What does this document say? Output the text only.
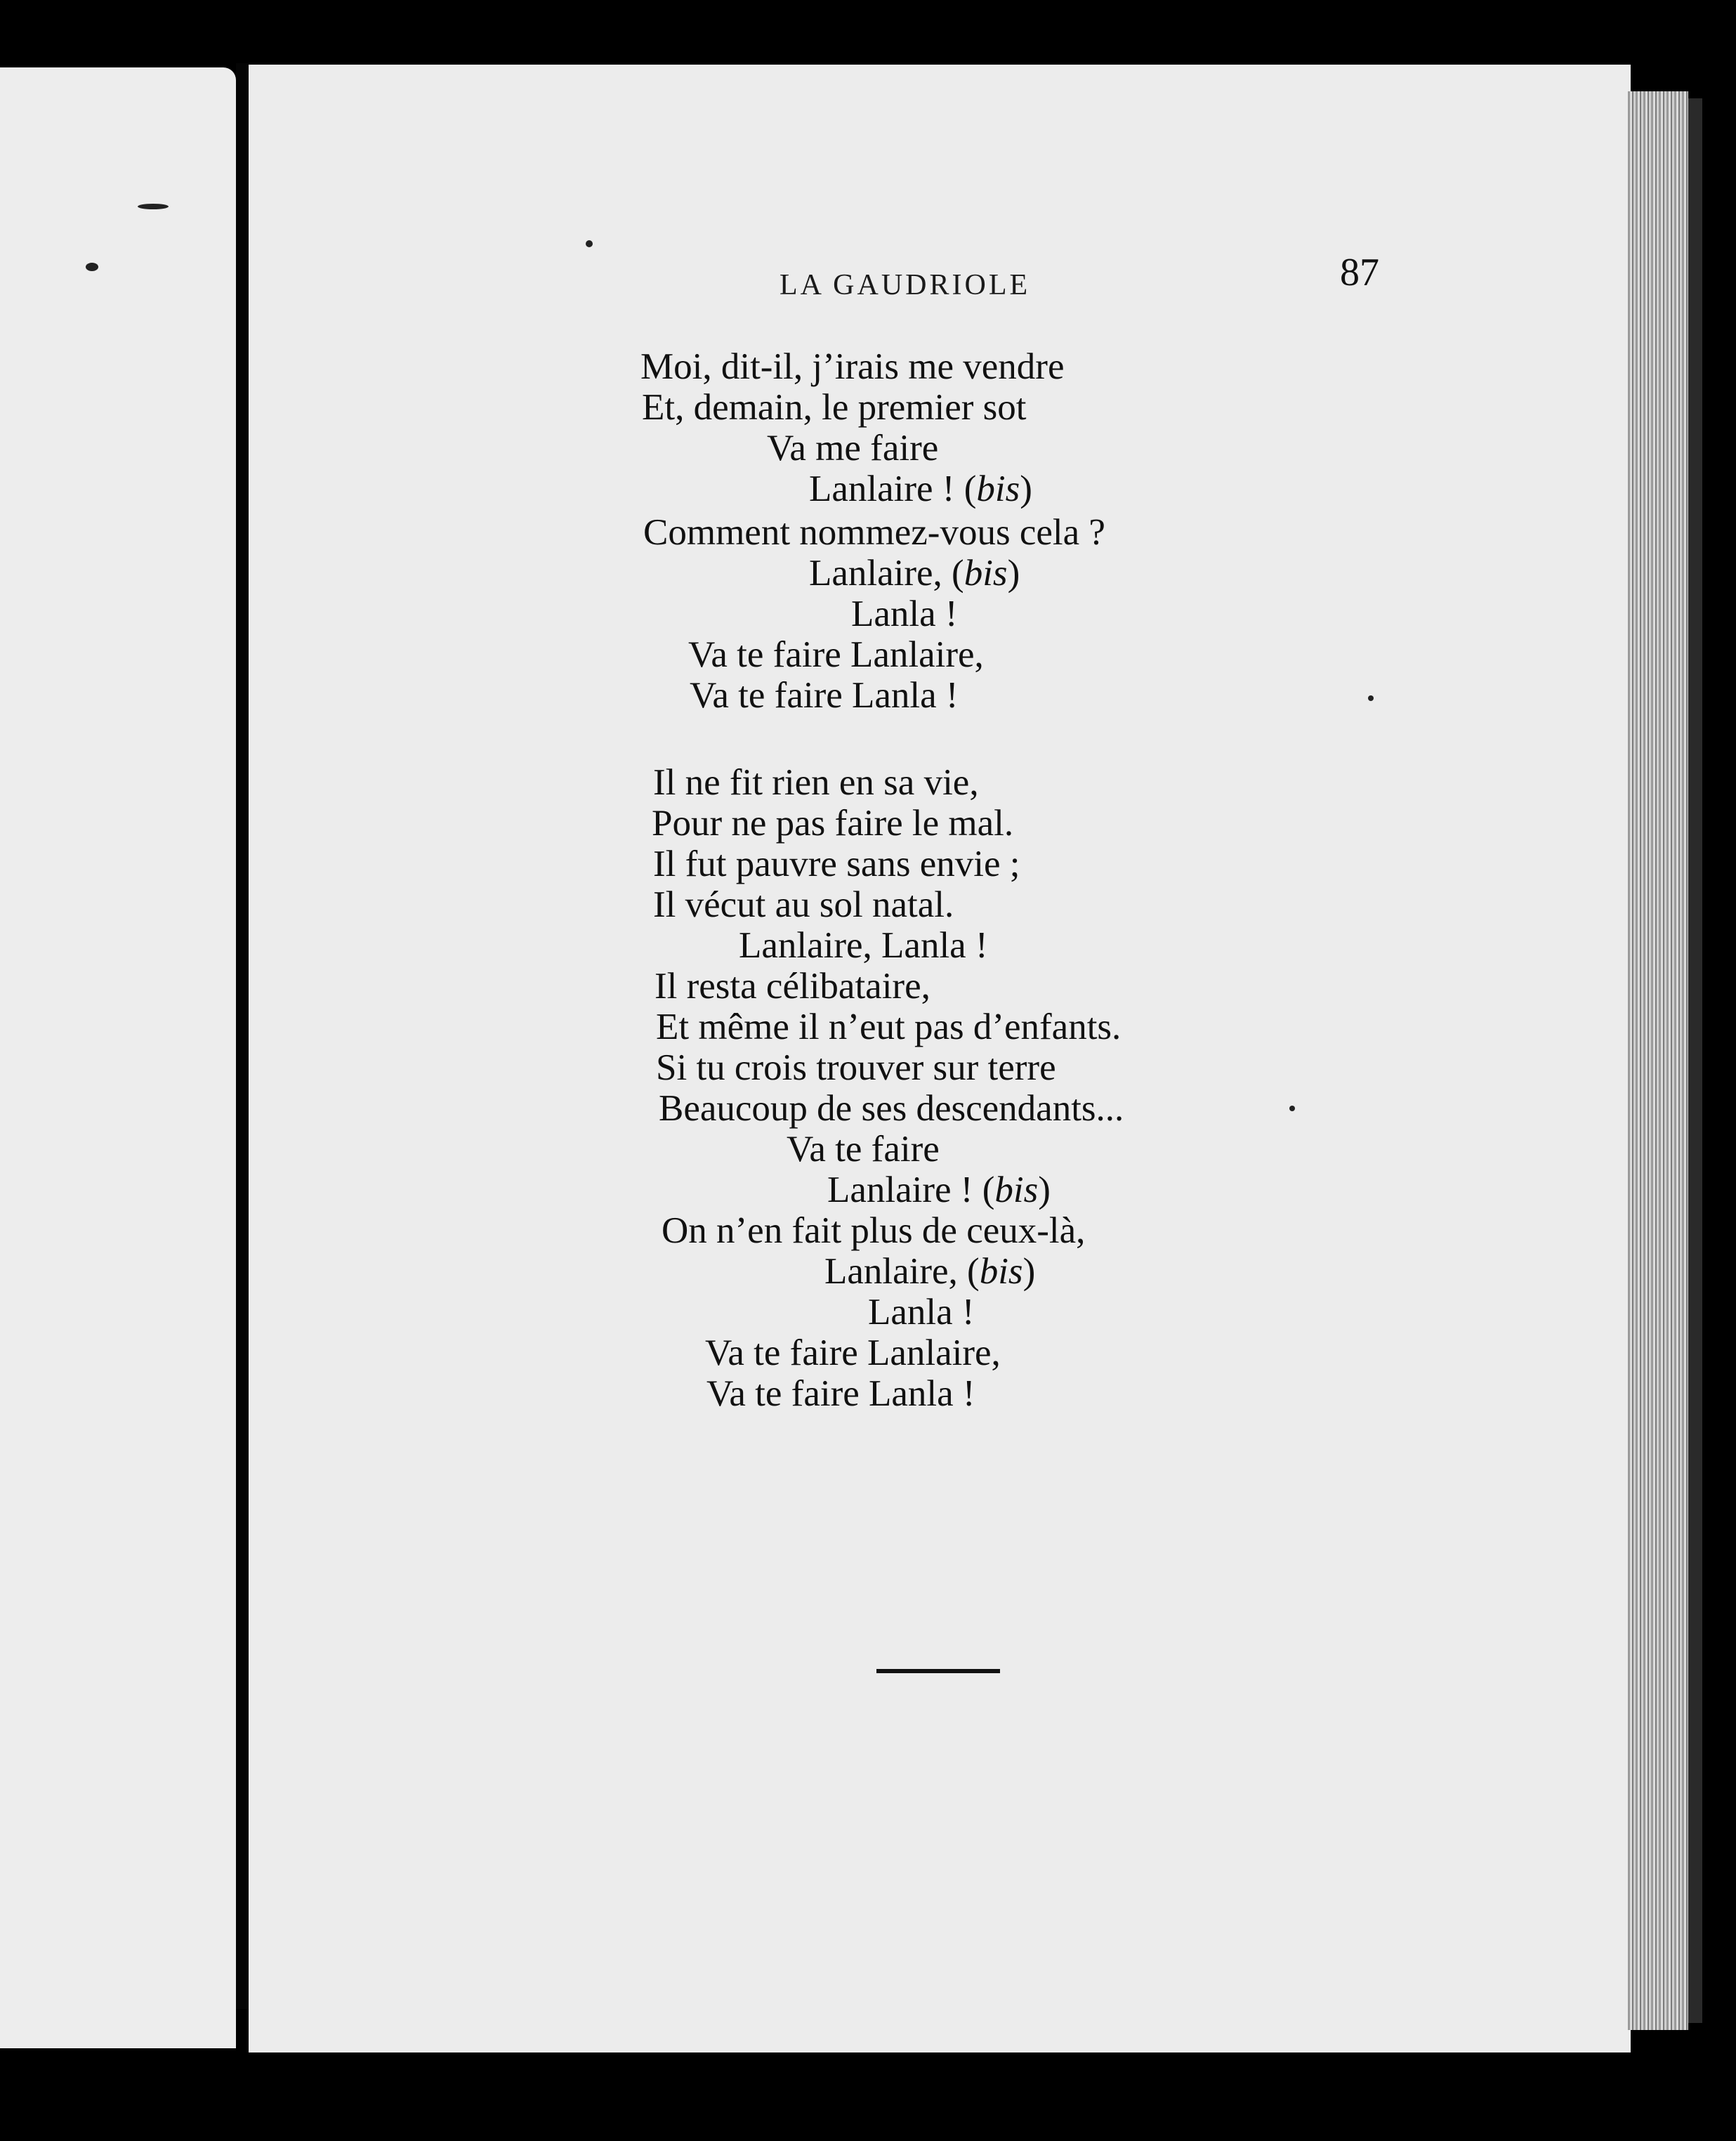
LA GAUDRIOLE	87
Moi, dit-il, j’irais me vendre
Et, demain, le premier sot
Va me faire
Lanlaire ! (bis)
Comment nommez-vous cela ?
Lanlaire, (bis)
Lanla !
Va te faire Lanlaire,
Va te faire Lanla !
Il ne fit rien en sa vie,
Pour ne pas faire le mal.
Il fut pauvre sans envie ;
Il vécut au sol natal.
Lanlaire, Lanla !
Il resta célibataire,
Et même il n’eut pas d’enfants.
Si tu crois trouver sur terre
Beaucoup de ses descendants...
Va te faire
Lanlaire ! (bis)
On n’en fait plus de ceux-là,
Lanlaire, (bis)
Lanla !
Va te faire Lanlaire,
Va te faire Lanla !
